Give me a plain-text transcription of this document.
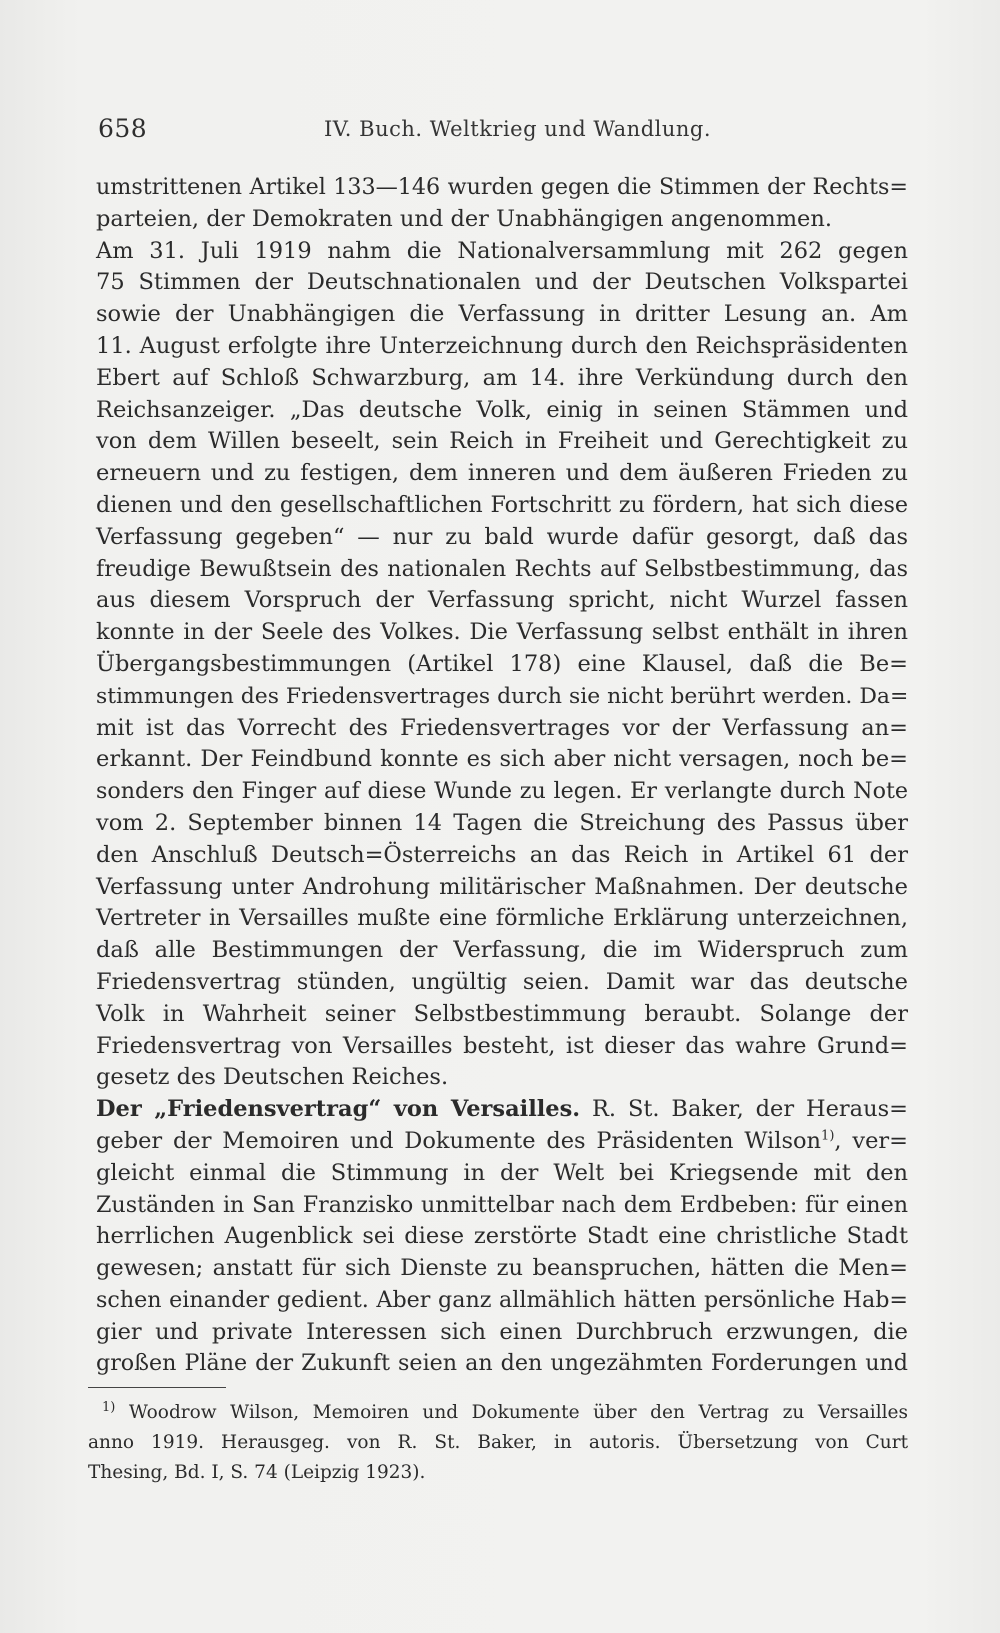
658	IV. Buch. Weltkrieg und Wandlung.
umstrittenen Artikel 133—146 wurden gegen die Stimmen der Rechts=
parteien, der Demokraten und der Unabhängigen angenommen.
Am 31. Juli 1919 nahm die Nationalversammlung mit 262 gegen
75 Stimmen der Deutschnationalen und der Deutschen Volkspartei
sowie der Unabhängigen die Verfassung in dritter Lesung an. Am
11. August erfolgte ihre Unterzeichnung durch den Reichspräsidenten
Ebert auf Schloß Schwarzburg, am 14. ihre Verkündung durch den
Reichsanzeiger. „Das deutsche Volk, einig in seinen Stämmen und
von dem Willen beseelt, sein Reich in Freiheit und Gerechtigkeit zu
erneuern und zu festigen, dem inneren und dem äußeren Frieden zu
dienen und den gesellschaftlichen Fortschritt zu fördern, hat sich diese
Verfassung gegeben“ — nur zu bald wurde dafür gesorgt, daß das
freudige Bewußtsein des nationalen Rechts auf Selbstbestimmung, das
aus diesem Vorspruch der Verfassung spricht, nicht Wurzel fassen
konnte in der Seele des Volkes. Die Verfassung selbst enthält in ihren
Übergangsbestimmungen (Artikel 178) eine Klausel, daß die Be=
stimmungen des Friedensvertrages durch sie nicht berührt werden. Da=
mit ist das Vorrecht des Friedensvertrages vor der Verfassung an=
erkannt. Der Feindbund konnte es sich aber nicht versagen, noch be=
sonders den Finger auf diese Wunde zu legen. Er verlangte durch Note
vom 2. September binnen 14 Tagen die Streichung des Passus über
den Anschluß Deutsch=Österreichs an das Reich in Artikel 61 der
Verfassung unter Androhung militärischer Maßnahmen. Der deutsche
Vertreter in Versailles mußte eine förmliche Erklärung unterzeichnen,
daß alle Bestimmungen der Verfassung, die im Widerspruch zum
Friedensvertrag stünden, ungültig seien. Damit war das deutsche
Volk in Wahrheit seiner Selbstbestimmung beraubt. Solange der
Friedensvertrag von Versailles besteht, ist dieser das wahre Grund=
gesetz des Deutschen Reiches.
Der „Friedensvertrag“ von Versailles. R. St. Baker, der Heraus=
geber der Memoiren und Dokumente des Präsidenten Wilson$^{1)}$, ver=
gleicht einmal die Stimmung in der Welt bei Kriegsende mit den
Zuständen in San Franzisko unmittelbar nach dem Erdbeben: für einen
herrlichen Augenblick sei diese zerstörte Stadt eine christliche Stadt
gewesen; anstatt für sich Dienste zu beanspruchen, hätten die Men=
schen einander gedient. Aber ganz allmählich hätten persönliche Hab=
gier und private Interessen sich einen Durchbruch erzwungen, die
großen Pläne der Zukunft seien an den ungezähmten Forderungen und
$^{1)}$ Woodrow Wilson, Memoiren und Dokumente über den Vertrag zu Versailles
anno 1919. Herausgeg. von R. St. Baker, in autoris. Übersetzung von Curt
Thesing, Bd. I, S. 74 (Leipzig 1923).
